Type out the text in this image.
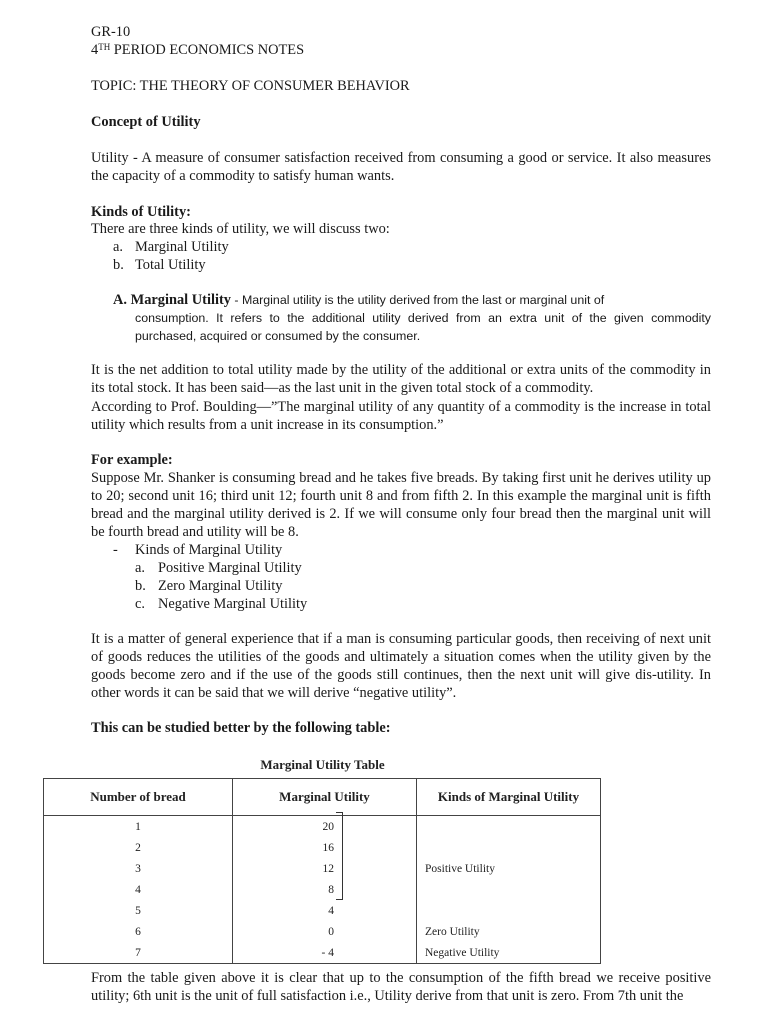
GR-10

4TH PERIOD ECONOMICS NOTES

TOPIC: THE THEORY OF CONSUMER BEHAVIOR

Concept of Utility

Utility - A measure of consumer satisfaction received from consuming a good or service. It also measures the capacity of a commodity to satisfy human wants.

Kinds of Utility:

There are three kinds of utility, we will discuss two:

a. Marginal Utility
b. Total Utility

A. Marginal Utility - Marginal utility is the utility derived from the last or marginal unit of

consumption. It refers to the additional utility derived from an extra unit of the given commodity purchased, acquired or consumed by the consumer.

It is the net addition to total utility made by the utility of the additional or extra units of the commodity in its total stock. It has been said—as the last unit in the given total stock of a commodity.

According to Prof. Boulding—”The marginal utility of any quantity of a commodity is the increase in total utility which results from a unit increase in its consumption.”

For example:

Suppose Mr. Shanker is consuming bread and he takes five breads. By taking first unit he derives utility up to 20; second unit 16; third unit 12; fourth unit 8 and from fifth 2. In this example the marginal unit is fifth bread and the marginal utility derived is 2. If we will consume only four bread then the marginal unit will be fourth bread and utility will be 8.

- Kinds of Marginal Utility
a. Positive Marginal Utility
b. Zero Marginal Utility
c. Negative Marginal Utility

It is a matter of general experience that if a man is consuming particular goods, then receiving of next unit of goods reduces the utilities of the goods and ultimately a situation comes when the utility given by the goods become zero and if the use of the goods still continues, then the next unit will give dis-utility. In other words it can be said that we will derive “negative utility”.

This can be studied better by the following table:

Marginal Utility Table
Number of bread	Marginal Utility	Kinds of Marginal Utility
1	20	
2	16	
3	12	Positive Utility
4	8	
5	4	
6	0	Zero Utility
7	- 4	Negative Utility

From the table given above it is clear that up to the consumption of the fifth bread we receive positive utility; 6th unit is the unit of full satisfaction i.e., Utility derive from that unit is zero. From 7th unit the
